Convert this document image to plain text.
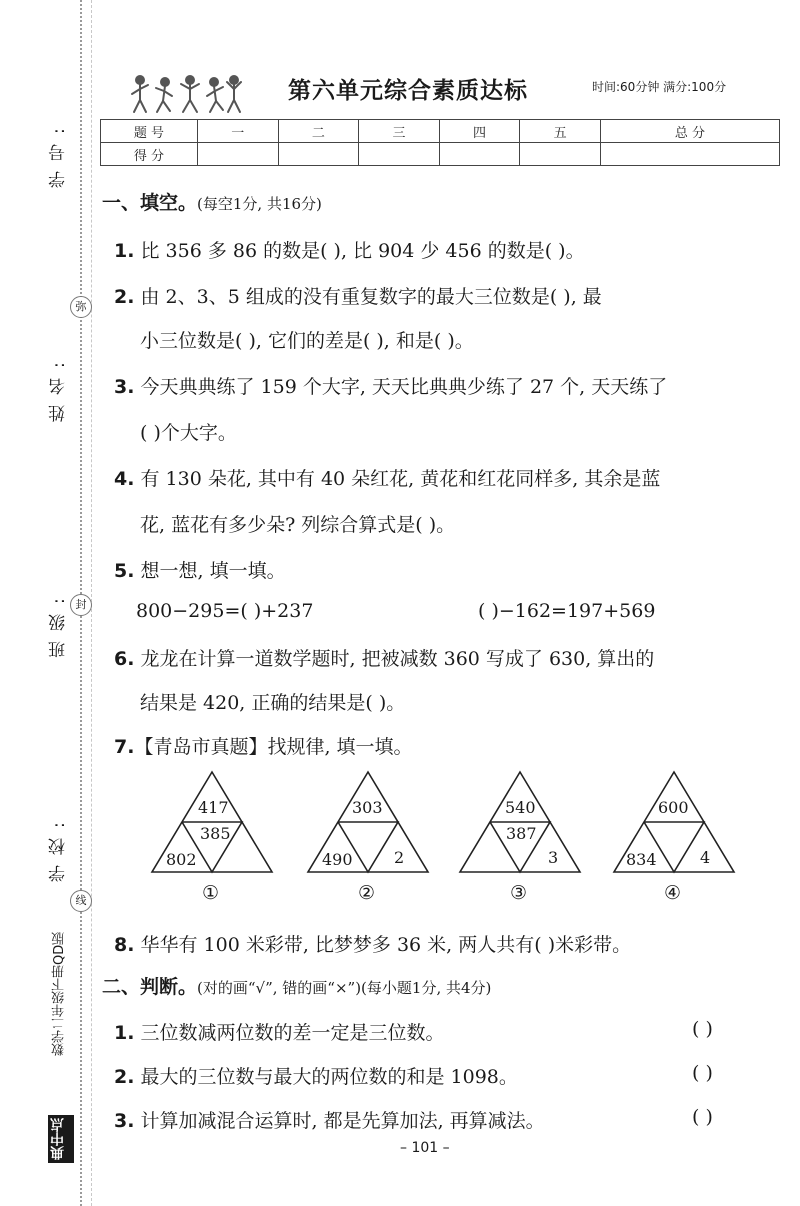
学号:
姓名:
班级:
学校:
弥
封
线
数学二年级下册QD版
典中点
第六单元综合素质达标	时间:60分钟 满分:100分
题 号	一	二	三	四	五	总 分
得 分						
一、填空。(每空1分, 共16分)
1. 比 356 多 86 的数是( ), 比 904 少 456 的数是( )。
2. 由 2、3、5 组成的没有重复数字的最大三位数是( ), 最
小三位数是( ), 它们的差是( ), 和是( )。
3. 今天典典练了 159 个大字, 天天比典典少练了 27 个, 天天练了
( )个大字。
4. 有 130 朵花, 其中有 40 朵红花, 黄花和红花同样多, 其余是蓝
花, 蓝花有多少朵? 列综合算式是( )。
5. 想一想, 填一填。
800−295=( )+237	( )−162=197+569
6. 龙龙在计算一道数学题时, 把被减数 360 写成了 630, 算出的
结果是 420, 正确的结果是( )。
7.【青岛市真题】找规律, 填一填。
417
385
802
①
303
490	2
②
540
387
3
③
600
834	4
④
8. 华华有 100 米彩带, 比梦梦多 36 米, 两人共有( )米彩带。
二、判断。(对的画“√”, 错的画“×”)(每小题1分, 共4分)
1. 三位数减两位数的差一定是三位数。	( )
2. 最大的三位数与最大的两位数的和是 1098。	( )
3. 计算加减混合运算时, 都是先算加法, 再算减法。	( )
– 101 –
